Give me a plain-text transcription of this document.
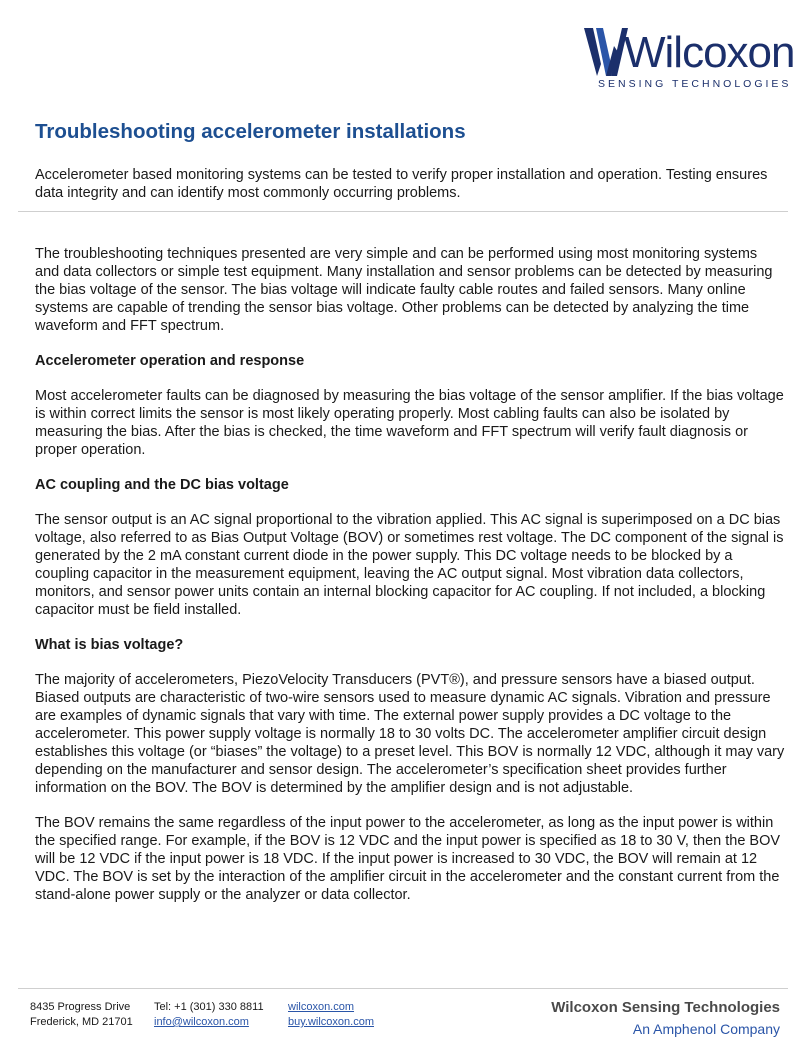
Wilcoxon
SENSING TECHNOLOGIES
Troubleshooting accelerometer installations

Accelerometer based monitoring systems can be tested to verify proper installation and operation. Testing ensures data integrity and can identify most commonly occurring problems.

The troubleshooting techniques presented are very simple and can be performed using most monitoring systems and data collectors or simple test equipment. Many installation and sensor problems can be detected by measuring the bias voltage of the sensor. The bias voltage will indicate faulty cable routes and failed sensors. Many online systems are capable of trending the sensor bias voltage. Other problems can be detected by analyzing the time waveform and FFT spectrum.

Accelerometer operation and response

Most accelerometer faults can be diagnosed by measuring the bias voltage of the sensor amplifier. If the bias voltage is within correct limits the sensor is most likely operating properly. Most cabling faults can also be isolated by measuring the bias. After the bias is checked, the time waveform and FFT spectrum will verify fault diagnosis or proper operation.

AC coupling and the DC bias voltage

The sensor output is an AC signal proportional to the vibration applied. This AC signal is superimposed on a DC bias voltage, also referred to as Bias Output Voltage (BOV) or sometimes rest voltage. The DC component of the signal is generated by the 2 mA constant current diode in the power supply. This DC voltage needs to be blocked by a coupling capacitor in the measurement equipment, leaving the AC output signal. Most vibration data collectors, monitors, and sensor power units contain an internal blocking capacitor for AC coupling. If not included, a blocking capacitor must be field installed.

What is bias voltage?

The majority of accelerometers, PiezoVelocity Transducers (PVT®), and pressure sensors have a biased output. Biased outputs are characteristic of two-wire sensors used to measure dynamic AC signals. Vibration and pressure are examples of dynamic signals that vary with time. The external power supply provides a DC voltage to the accelerometer. This power supply voltage is normally 18 to 30 volts DC. The accelerometer amplifier circuit design establishes this voltage (or “biases” the voltage) to a preset level. This BOV is normally 12 VDC, although it may vary depending on the manufacturer and sensor design. The accelerometer’s specification sheet provides further information on the BOV. The BOV is determined by the amplifier design and is not adjustable.

The BOV remains the same regardless of the input power to the accelerometer, as long as the input power is within the specified range. For example, if the BOV is 12 VDC and the input power is specified as 18 to 30 V, then the BOV will be 12 VDC if the input power is 18 VDC. If the input power is increased to 30 VDC, the BOV will remain at 12 VDC. The BOV is set by the interaction of the amplifier circuit in the accelerometer and the constant current from the stand-alone power supply or the analyzer or data collector.

8435 Progress Drive
Frederick, MD 21701
Tel: +1 (301) 330 8811
info@wilcoxon.com
wilcoxon.com
buy.wilcoxon.com
Wilcoxon Sensing Technologies
An Amphenol Company
